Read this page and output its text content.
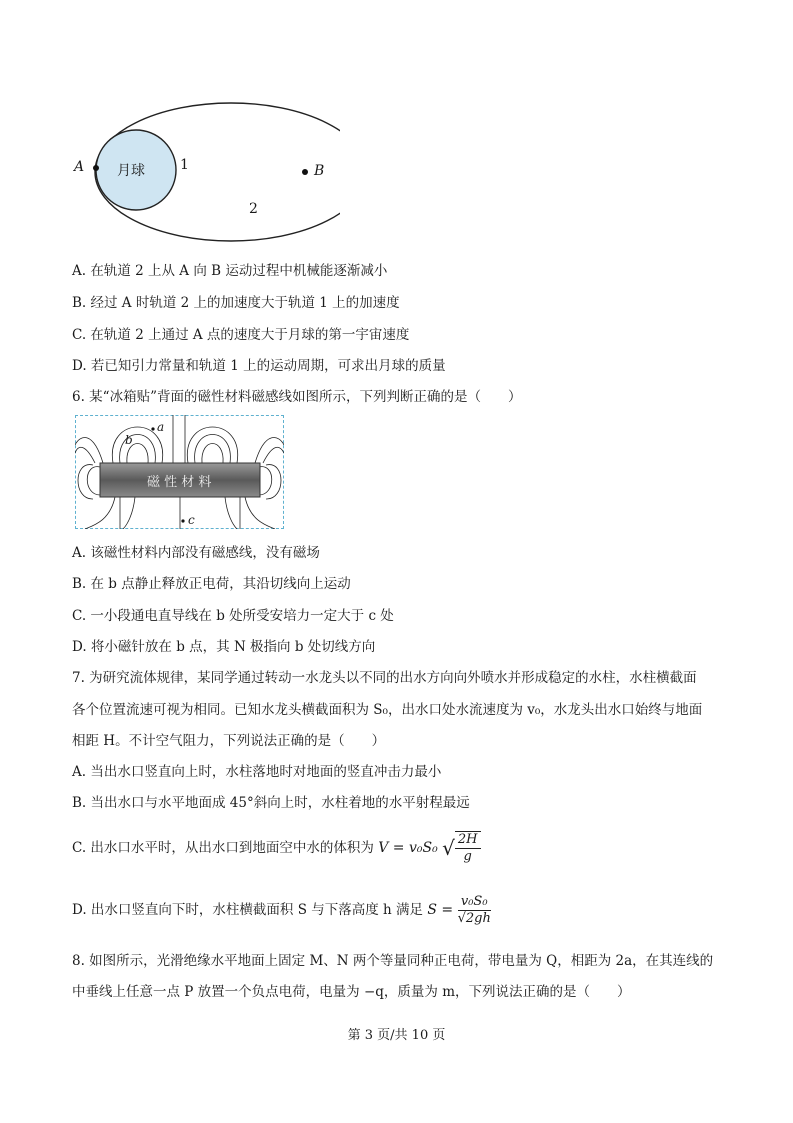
月球
A	B
1
2
A. 在轨道 2 上从 A 向 B 运动过程中机械能逐渐减小
B. 经过 A 时轨道 2 上的加速度大于轨道 1 上的加速度
C. 在轨道 2 上通过 A 点的速度大于月球的第一宇宙速度
D. 若已知引力常量和轨道 1 上的运动周期，可求出月球的质量
6. 某“冰箱贴”背面的磁性材料磁感线如图所示，下列判断正确的是（　　）
磁 性 材 料
a
b
c
A. 该磁性材料内部没有磁感线，没有磁场
B. 在 b 点静止释放正电荷，其沿切线向上运动
C. 一小段通电直导线在 b 处所受安培力一定大于 c 处
D. 将小磁针放在 b 点，其 N 极指向 b 处切线方向
7. 为研究流体规律，某同学通过转动一水龙头以不同的出水方向向外喷水并形成稳定的水柱，水柱横截面
各个位置流速可视为相同。已知水龙头横截面积为 S₀，出水口处水流速度为 v₀，水龙头出水口始终与地面
相距 H。不计空气阻力，下列说法正确的是（　　）
A. 当出水口竖直向上时，水柱落地时对地面的竖直冲击力最小
B. 当出水口与水平地面成 45°斜向上时，水柱着地的水平射程最远
C. 出水口水平时，从出水口到地面空中水的体积为 V = v₀S₀ √ $\frac{2H}{g}$
D. 出水口竖直向下时，水柱横截面积 S 与下落高度 h 满足 $S = \frac{\text{v₀S₀}}{√2gh}$
8. 如图所示，光滑绝缘水平地面上固定 M、N 两个等量同种正电荷，带电量为 Q，相距为 2a，在其连线的
中垂线上任意一点 P 放置一个负点电荷，电量为 −q，质量为 m，下列说法正确的是（　　）
第 3 页/共 10 页
